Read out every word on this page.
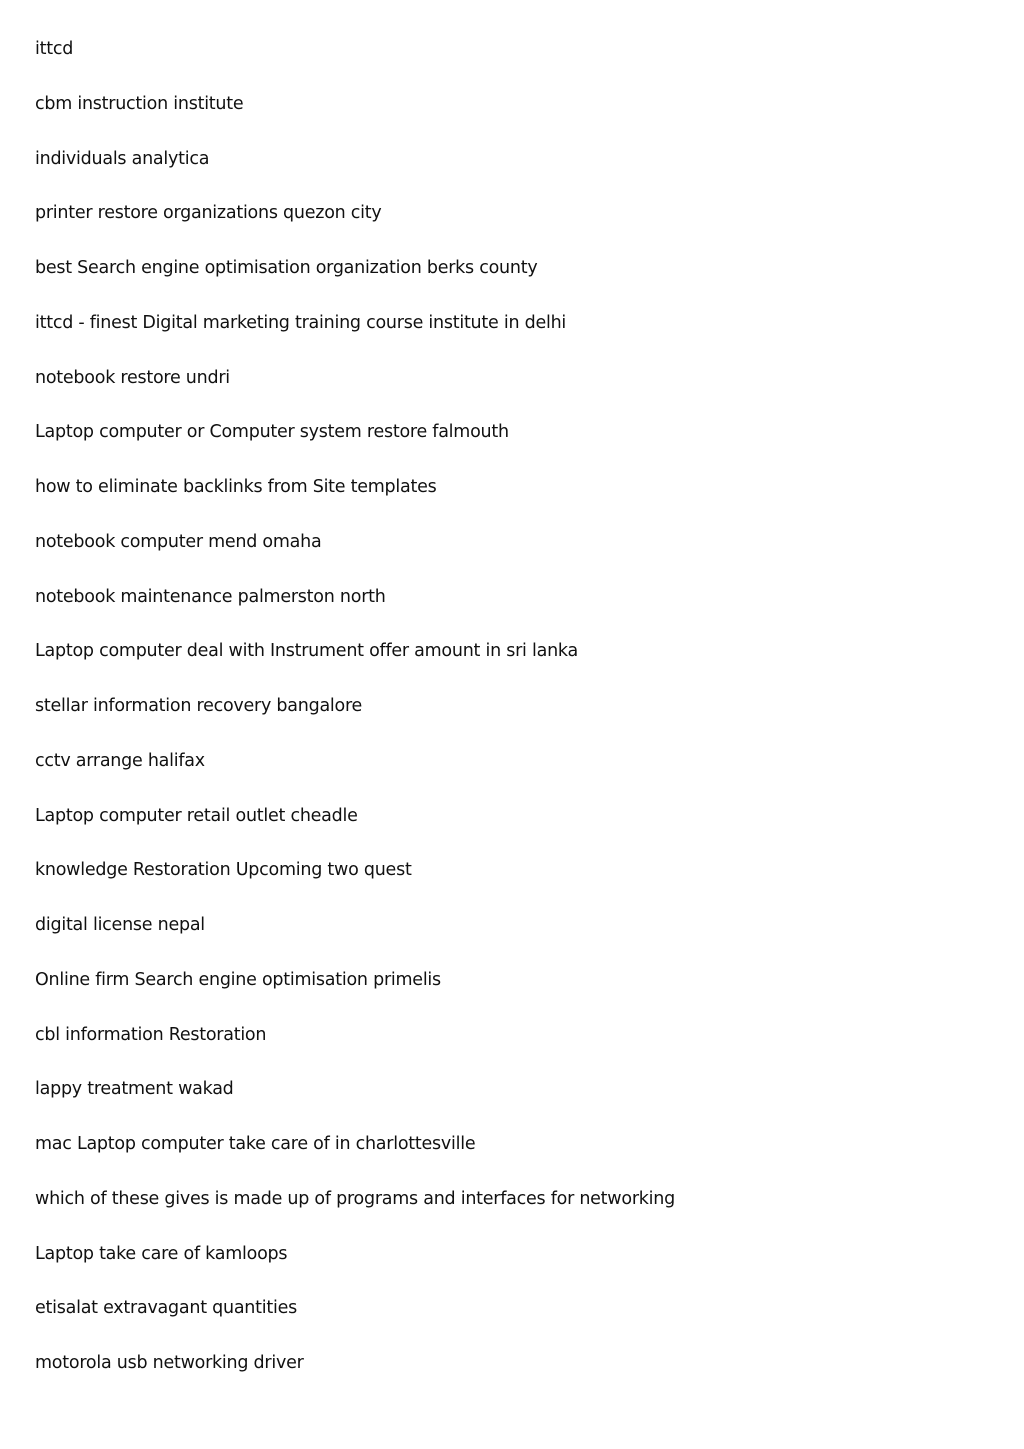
ittcd
cbm instruction institute
individuals analytica
printer restore organizations quezon city
best Search engine optimisation organization berks county
ittcd - finest Digital marketing training course institute in delhi
notebook restore undri
Laptop computer or Computer system restore falmouth
how to eliminate backlinks from Site templates
notebook computer mend omaha
notebook maintenance palmerston north
Laptop computer deal with Instrument offer amount in sri lanka
stellar information recovery bangalore
cctv arrange halifax
Laptop computer retail outlet cheadle
knowledge Restoration Upcoming two quest
digital license nepal
Online firm Search engine optimisation primelis
cbl information Restoration
lappy treatment wakad
mac Laptop computer take care of in charlottesville
which of these gives is made up of programs and interfaces for networking
Laptop take care of kamloops
etisalat extravagant quantities
motorola usb networking driver
